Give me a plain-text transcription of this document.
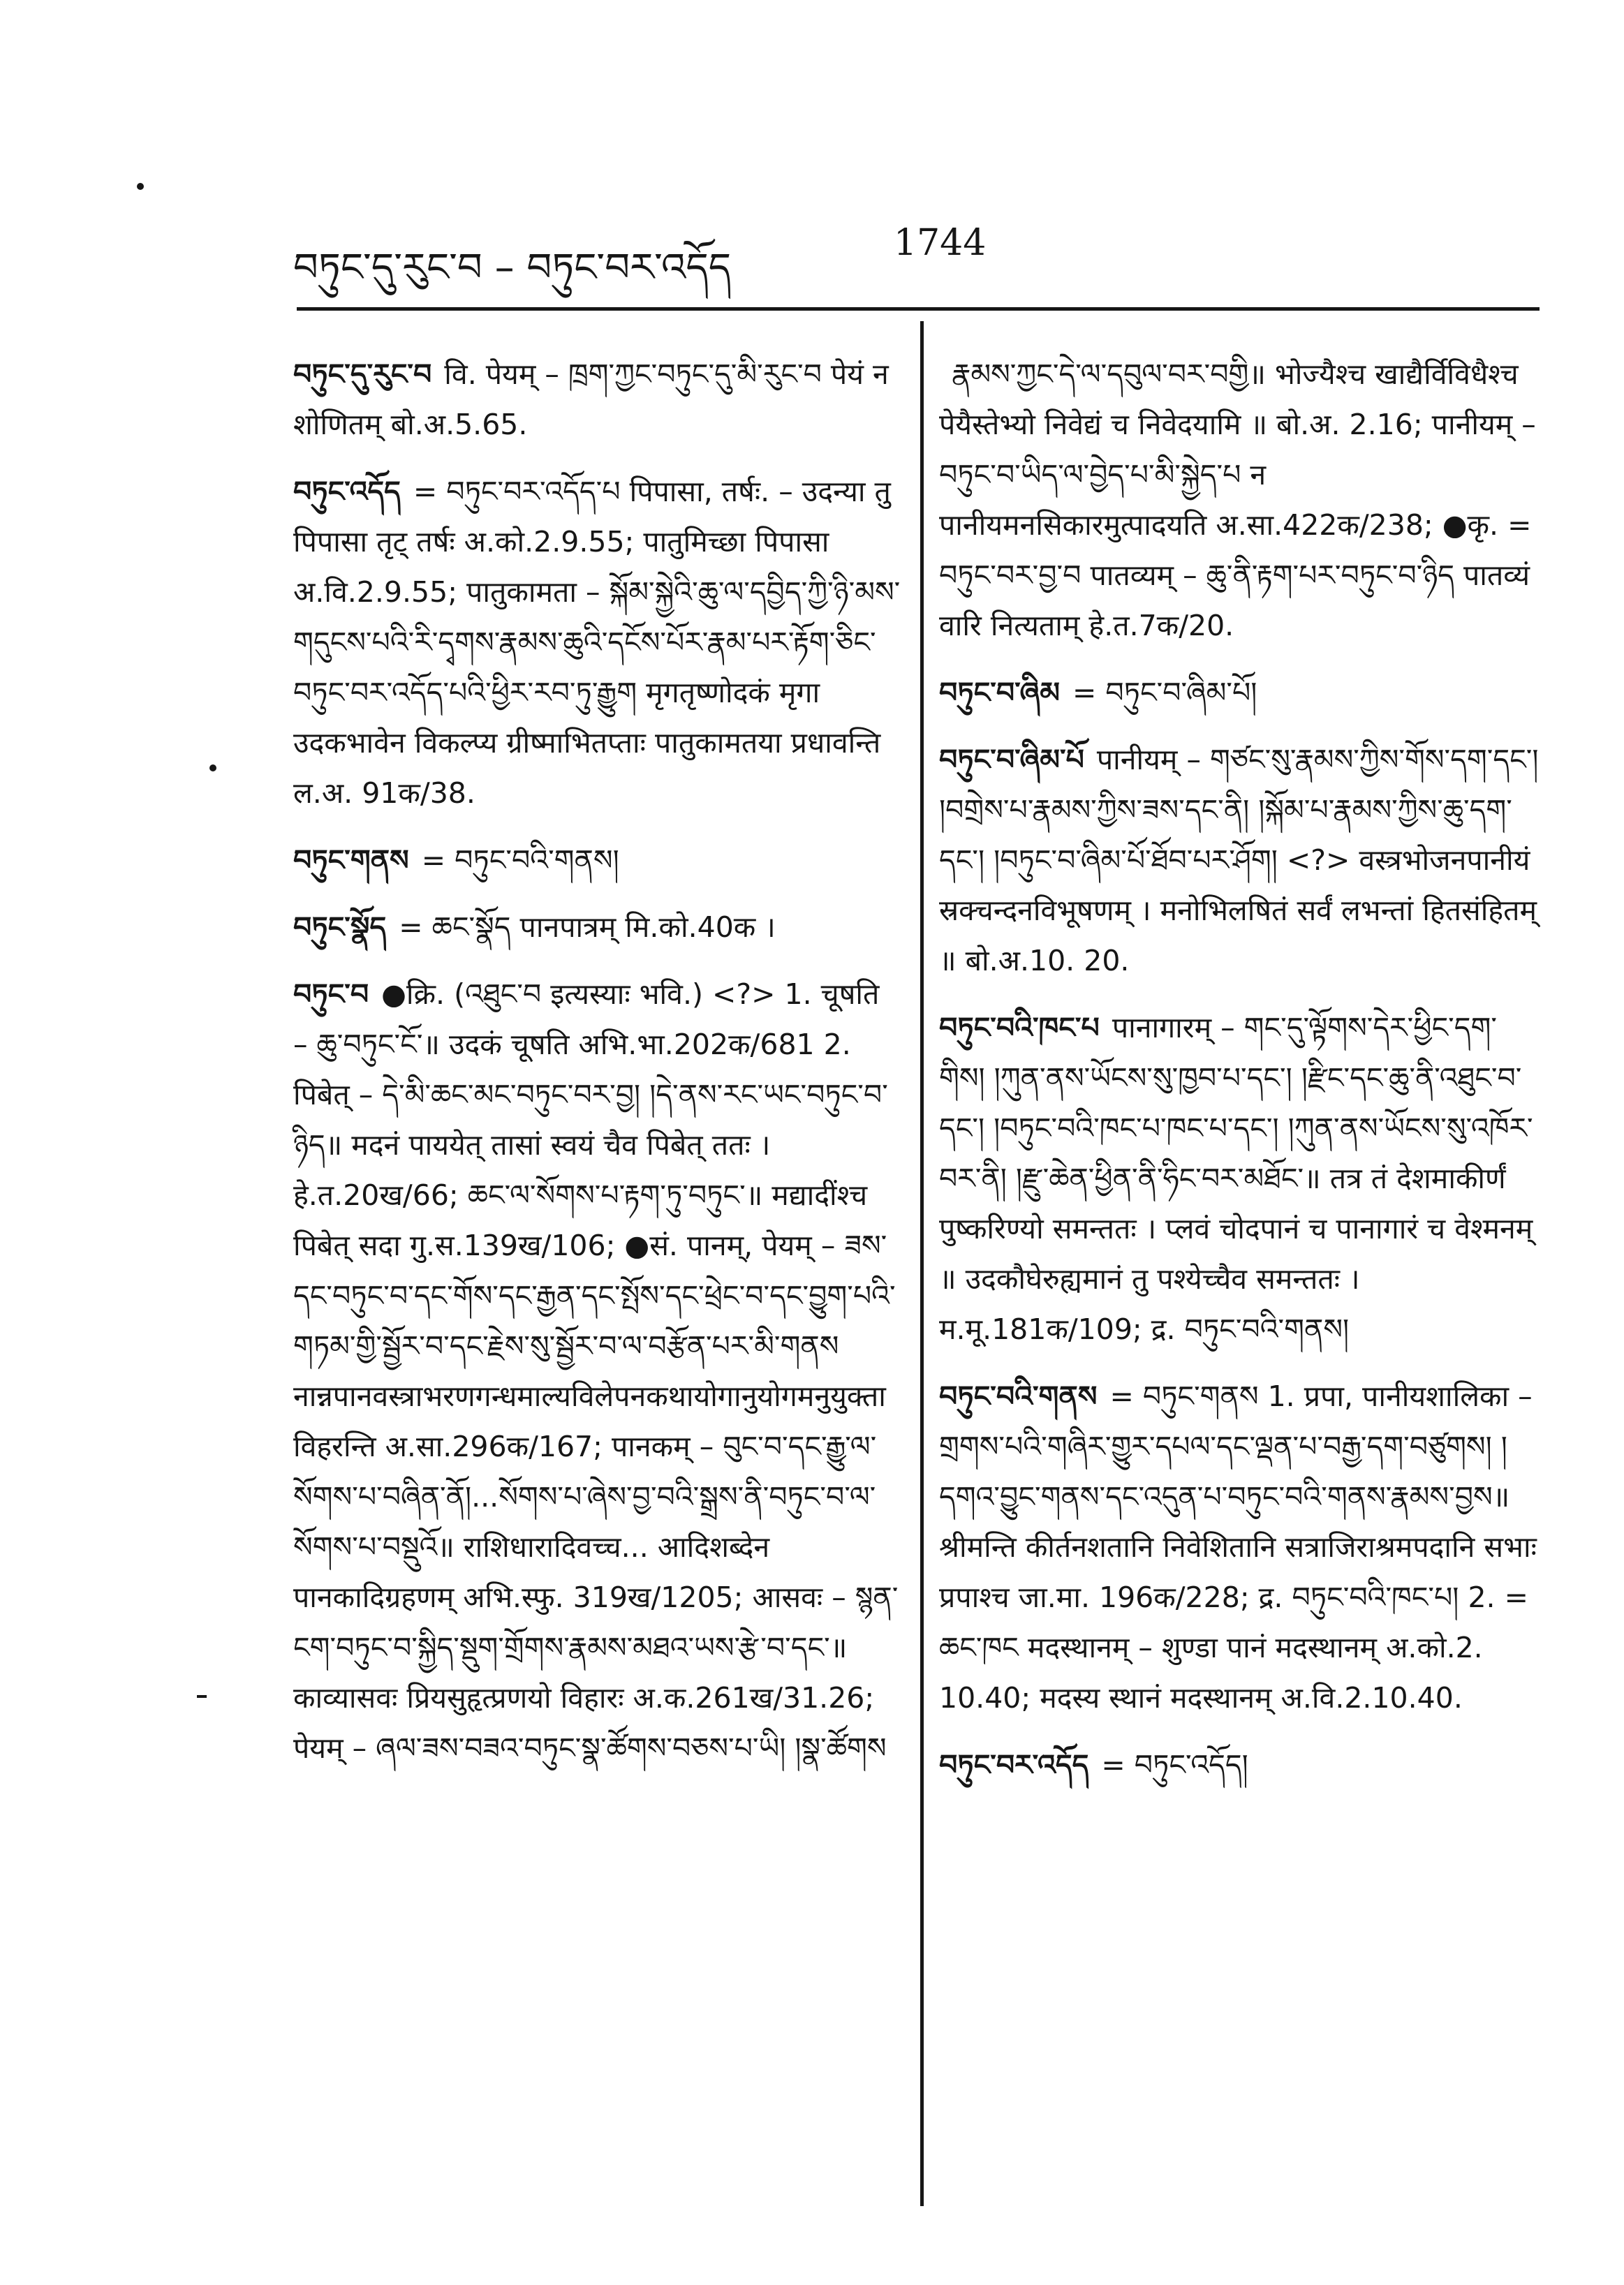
བཏུང་དུ་རུང་བ – བཏུང་བར་འདོད
1744
བཏུང་དུ་རུང་བ वि. पेयम् – ཁྲག་ཀྱང་བཏུང་དུ་མི་རུང་བ पेयं न शोणितम् बो.अ.5.65.
བཏུང་འདོད = བཏུང་བར་འདོད་པ पिपासा, तर्षः. – उदन्या तु पिपासा तृट् तर्षः अ.को.2.9.55; पातुमिच्छा पिपासा अ.वि.2.9.55; पातुकामता – སྐོམ་སྐྱེའི་ཆུ་ལ་དབྱིད་ཀྱི་ཉི་མས་གདུངས་པའི་རི་དྭགས་རྣམས་ཆུའི་དངོས་པོར་རྣམ་པར་རྟོག་ཅིང་བཏུང་བར་འདོད་པའི་ཕྱིར་རབ་ཏུ་རྒྱུག मृगतृष्णोदकं मृगा उदकभावेन विकल्प्य ग्रीष्माभितप्ताः पातुकामतया प्रधावन्ति ल.अ. 91क/38.
བཏུང་གནས = བཏུང་བའི་གནས།
བཏུང་སྣོད = ཆང་སྣོད पानपात्रम् मि.को.40क ।
བཏུང་བ ●क्रि. (འཐུང་བ इत्यस्याः भवि.) <?> 1. चूषति – ཆུ་བཏུང་ངོ་॥ उदकं चूषति अभि.भा.202क/681 2. पिबेत् – དེ་མི་ཆང་མང་བཏུང་བར་བྱ། །དེ་ནས་རང་ཡང་བཏུང་བ་ཉིད॥ मदनं पाययेत् तासां स्वयं चैव पिबेत् ततः । हे.त.20ख/66; ཆང་ལ་སོགས་པ་རྟག་ཏུ་བཏུང་॥ मद्यादींश्च पिबेत् सदा गु.स.139ख/106; ●सं. पानम्, पेयम् – ཟས་དང་བཏུང་བ་དང་གོས་དང་རྒྱན་དང་སྤོས་དང་ཕྲེང་བ་དང་བྱུག་པའི་གཏམ་གྱི་སྦྱོར་བ་དང་རྗེས་སུ་སྦྱོར་བ་ལ་བརྩོན་པར་མི་གནས नान्नपानवस्त्राभरणगन्धमाल्यविलेपनकथायोगानुयोगमनुयुक्ता विहरन्ति अ.सा.296क/167; पानकम् – བུང་བ་དང་རྒྱུ་ལ་སོགས་པ་བཞིན་ནོ།...སོགས་པ་ཞེས་བྱ་བའི་སྒྲས་ནི་བཏུང་བ་ལ་སོགས་པ་བསྡུའོ॥ राशिधारादिवच्च... आदिशब्देन पानकादिग्रहणम् अभि.स्फु. 319ख/1205; आसवः – སྙན་ངག་བཏུང་བ་སྐྱིད་སྡུག་གྲོགས་རྣམས་མཐའ་ཡས་རྩེ་བ་དང་॥ काव्यासवः प्रियसुहृत्प्रणयो विहारः अ.क.261ख/31.26; पेयम् – ཞལ་ཟས་བཟའ་བཏུང་སྣ་ཚོགས་བཅས་པ་ཡི། །སྣ་ཚོགས
རྣམས་ཀྱང་དེ་ལ་དབུལ་བར་བགྱི॥ भोज्यैश्च खाद्यैर्विविधैश्च पेयैस्तेभ्यो निवेद्यं च निवेदयामि ॥ बो.अ. 2.16; पानीयम् – བཏུང་བ་ཡིད་ལ་བྱེད་པ་མི་སྐྱེད་པ न पानीयमनसिकारमुत्पादयति अ.सा.422क/238; ●कृ. = བཏུང་བར་བྱ་བ पातव्यम् – ཆུ་ནི་རྟག་པར་བཏུང་བ་ཉིད पातव्यं वारि नित्यताम् हे.त.7क/20.
བཏུང་བ་ཞིམ = བཏུང་བ་ཞིམ་པོ།
བཏུང་བ་ཞིམ་པོ पानीयम् – གཙང་སུ་རྣམས་ཀྱིས་གོས་དག་དང་། །བགྲེས་པ་རྣམས་ཀྱིས་ཟས་དང་ནི། །སྐོམ་པ་རྣམས་ཀྱིས་ཆུ་དག་དང་། །བཏུང་བ་ཞིམ་པོ་ཐོབ་པར་ཤོག། <?> वस्त्रभोजनपानीयं स्रक्चन्दनविभूषणम् । मनोभिलषितं सर्वं लभन्तां हितसंहितम् ॥ बो.अ.10. 20.
བཏུང་བའི་ཁང་པ पानागारम् – གང་དུ་ལྟོགས་དེར་ཕྱིང་དག་གིས། །ཀུན་ནས་ཡོངས་སུ་ཁྱབ་པ་དང་། །རྫིང་དང་ཆུ་ནི་འཐུང་བ་དང་། །བཏུང་བའི་ཁང་པ་ཁང་པ་དང་། །ཀུན་ནས་ཡོངས་སུ་འཁོར་བར་ནི། །རྫུ་ཆེན་ཕྱིན་ནི་ཧིང་བར་མཐོང་॥ तत्र तं देशमाकीर्णं पुष्करिण्यो समन्ततः । प्लवं चोदपानं च पानागारं च वेश्मनम् ॥ उदकौघेरुह्यमानं तु पश्येच्चैव समन्ततः । म.मू.181क/109; द्र. བཏུང་བའི་གནས།
བཏུང་བའི་གནས = བཏུང་གནས 1. प्रपा, पानीयशालिका – གྲགས་པའི་གཞིར་གྱུར་དཔལ་དང་ལྡན་པ་བརྒྱ་དག་བཙུགས། །དགའ་བྱུང་གནས་དང་འདུན་པ་བཏུང་བའི་གནས་རྣམས་བྱས॥ श्रीमन्ति कीर्तनशतानि निवेशितानि सत्राजिराश्रमपदानि सभाः प्रपाश्च जा.मा. 196क/228; द्र. བཏུང་བའི་ཁང་པ། 2. = ཆང་ཁང मदस्थानम् – शुण्डा पानं मदस्थानम् अ.को.2. 10.40; मदस्य स्थानं मदस्थानम् अ.वि.2.10.40.
བཏུང་བར་འདོད = བཏུང་འདོད།
